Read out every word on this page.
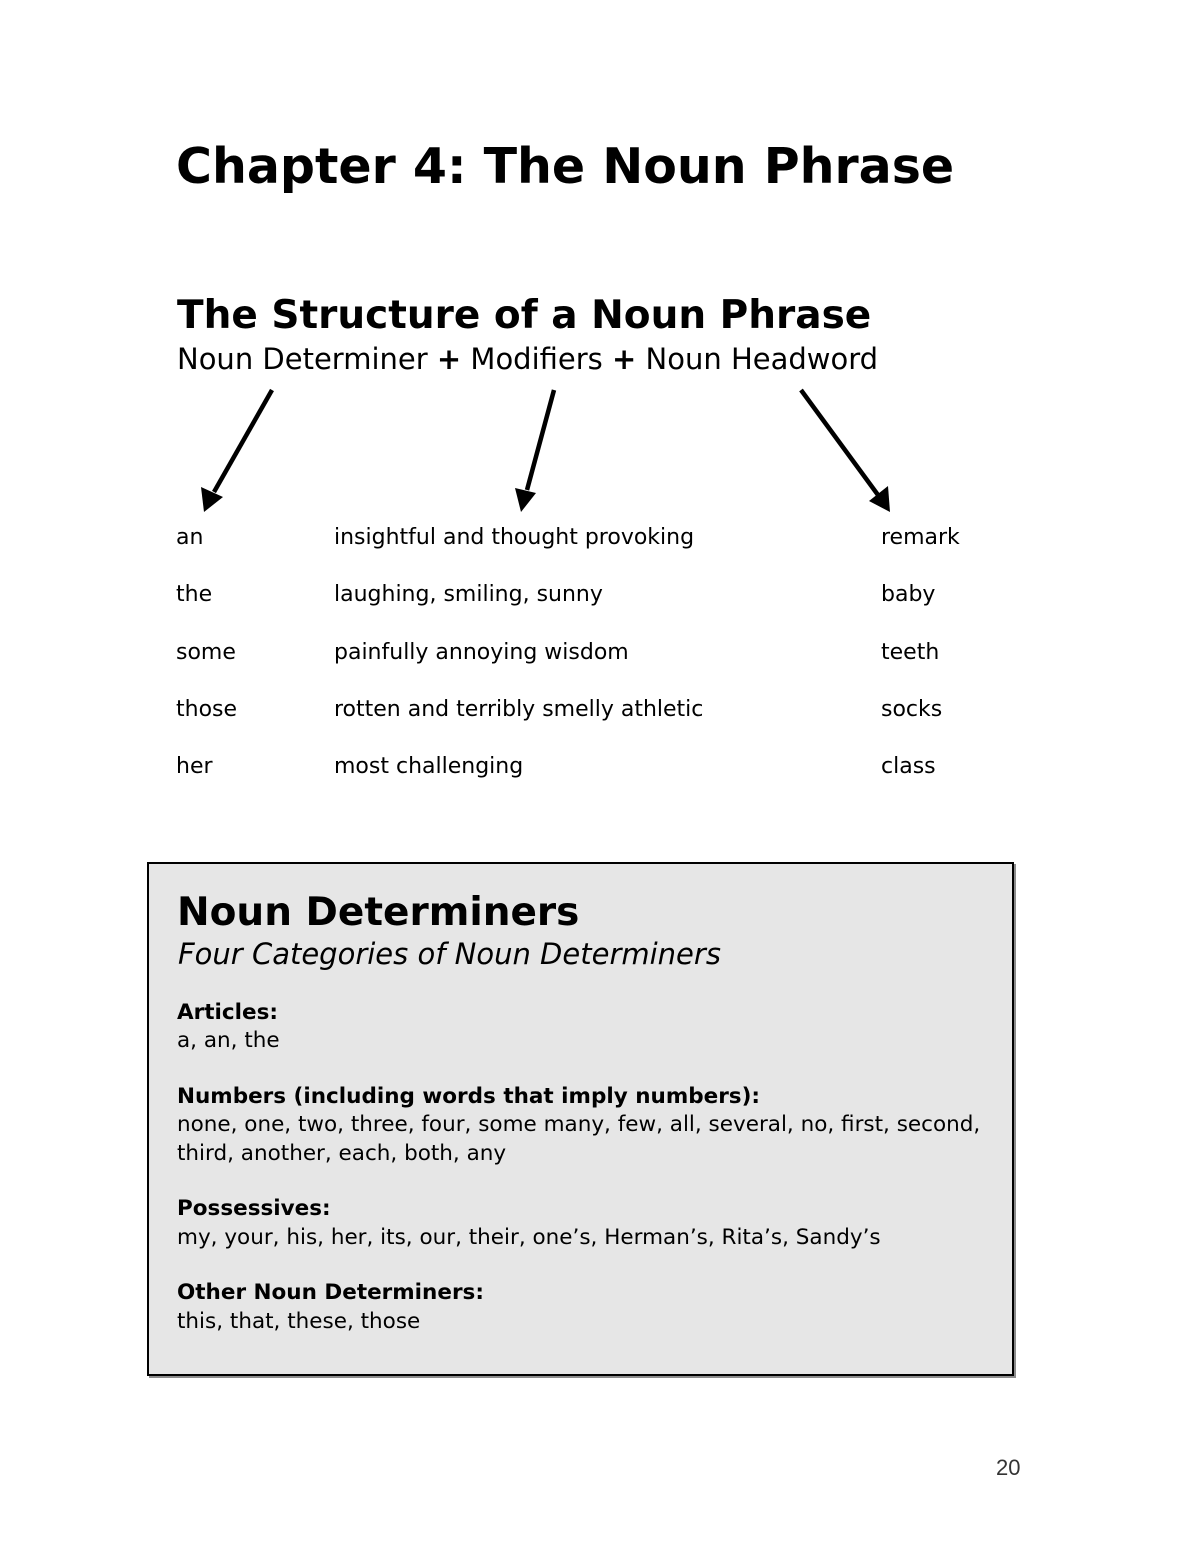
Chapter 4: The Noun Phrase
The Structure of a Noun Phrase
Noun Determiner + Modifiers + Noun Headword
an	insightful and thought provoking	remark
the	laughing, smiling, sunny	baby
some	painfully annoying wisdom	teeth
those	rotten and terribly smelly athletic	socks
her	most challenging	class
Noun Determiners
Four Categories of Noun Determiners
Articles:
a, an, the
Numbers (including words that imply numbers):
none, one, two, three, four, some many, few, all, several, no, first, second, third, another, each, both, any
Possessives:
my, your, his, her, its, our, their, one’s, Herman’s, Rita’s, Sandy’s
Other Noun Determiners:
this, that, these, those
20
